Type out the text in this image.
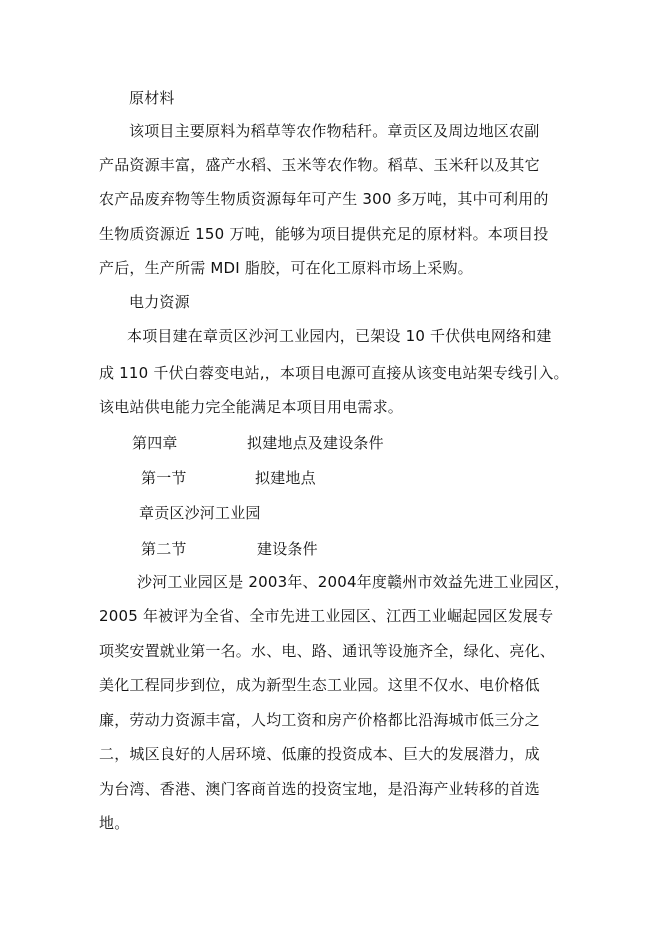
原材料
该项目主要原料为稻草等农作物秸秆。章贡区及周边地区农副
产品资源丰富，盛产水稻、玉米等农作物。稻草、玉米秆以及其它
农产品废弃物等生物质资源每年可产生 300 多万吨，其中可利用的
生物质资源近 150 万吨，能够为项目提供充足的原材料。本项目投
产后，生产所需 MDI 脂胶，可在化工原料市场上采购。
电力资源
本项目建在章贡区沙河工业园内，已架设 10 千伏供电网络和建
成 110 千伏白蓉变电站,，本项目电源可直接从该变电站架专线引入。
该电站供电能力完全能满足本项目用电需求。
第四章	拟建地点及建设条件
第一节	拟建地点
章贡区沙河工业园
第二节	建设条件
沙河工业园区是 2003年、2004年度赣州市效益先进工业园区，
2005 年被评为全省、全市先进工业园区、江西工业崛起园区发展专
项奖安置就业第一名。水、电、路、通讯等设施齐全，绿化、亮化、
美化工程同步到位，成为新型生态工业园。这里不仅水、电价格低
廉，劳动力资源丰富，人均工资和房产价格都比沿海城市低三分之
二，城区良好的人居环境、低廉的投资成本、巨大的发展潜力，成
为台湾、香港、澳门客商首选的投资宝地，是沿海产业转移的首选
地。
